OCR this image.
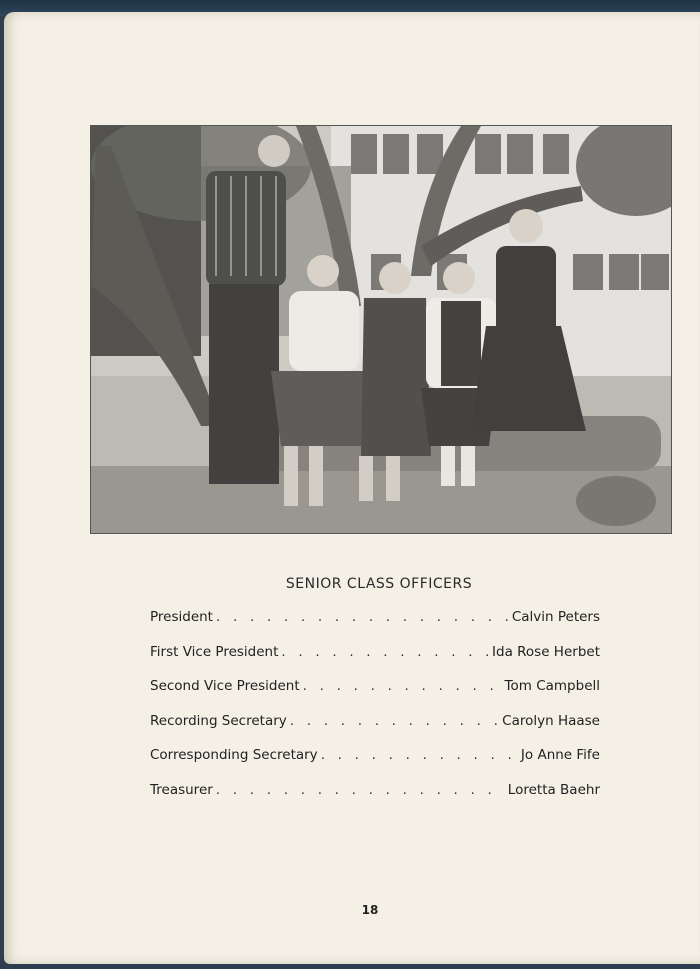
SENIOR CLASS OFFICERS
President . . .	Calvin Peters
First Vice President . . .	Ida Rose Herbet
Second Vice President . . .	Tom Campbell
Recording Secretary . . .	Carolyn Haase
Corresponding Secretary . . .	Jo Anne Fife
Treasurer . . .	Loretta Baehr
18
